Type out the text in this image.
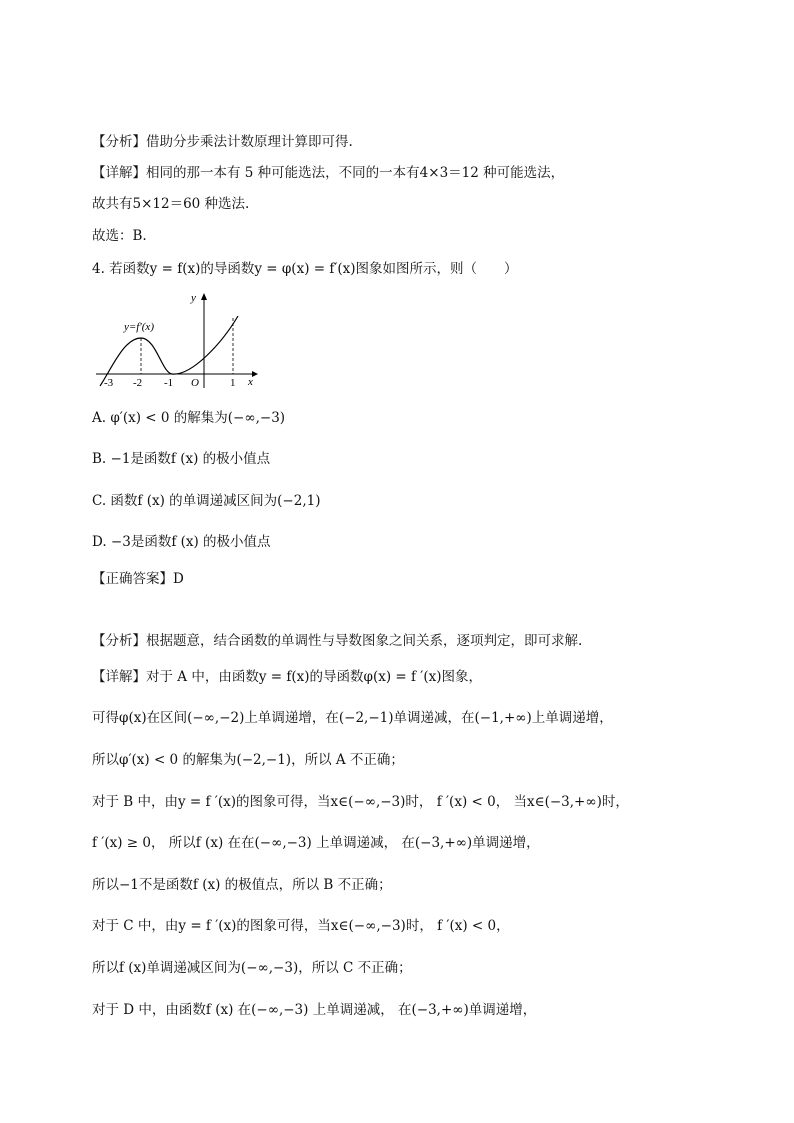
【分析】借助分步乘法计数原理计算即可得.
【详解】相同的那一本有 5 种可能选法，不同的一本有4×3＝12 种可能选法，
故共有5×12＝60 种选法.
故选：B.
4. 若函数y = f(x)的导函数y = φ(x) = f′(x)图象如图所示，则（　　）
y=f′(x)
y
x
O
-3 -2 -1	1
A. φ′(x) < 0 的解集为(−∞,−3)
B. −1是函数f (x) 的极小值点
C. 函数f (x) 的单调递减区间为(−2,1)
D. −3是函数f (x) 的极小值点
【正确答案】D
【分析】根据题意，结合函数的单调性与导数图象之间关系，逐项判定，即可求解.
【详解】对于 A 中，由函数y = f(x)的导函数φ(x) = f ′(x)图象，
可得φ(x)在区间(−∞,−2)上单调递增，在(−2,−1)单调递减，在(−1,+∞)上单调递增，
所以φ′(x) < 0 的解集为(−2,−1)，所以 A 不正确；
对于 B 中，由y = f ′(x)的图象可得，当x∈(−∞,−3)时， f ′(x) < 0， 当x∈(−3,+∞)时，
f ′(x) ≥ 0， 所以f (x) 在在(−∞,−3) 上单调递减， 在(−3,+∞)单调递增，
所以−1不是函数f (x) 的极值点，所以 B 不正确；
对于 C 中，由y = f ′(x)的图象可得，当x∈(−∞,−3)时， f ′(x) < 0，
所以f (x)单调递减区间为(−∞,−3)，所以 C 不正确；
对于 D 中，由函数f (x) 在(−∞,−3) 上单调递减， 在(−3,+∞)单调递增，
